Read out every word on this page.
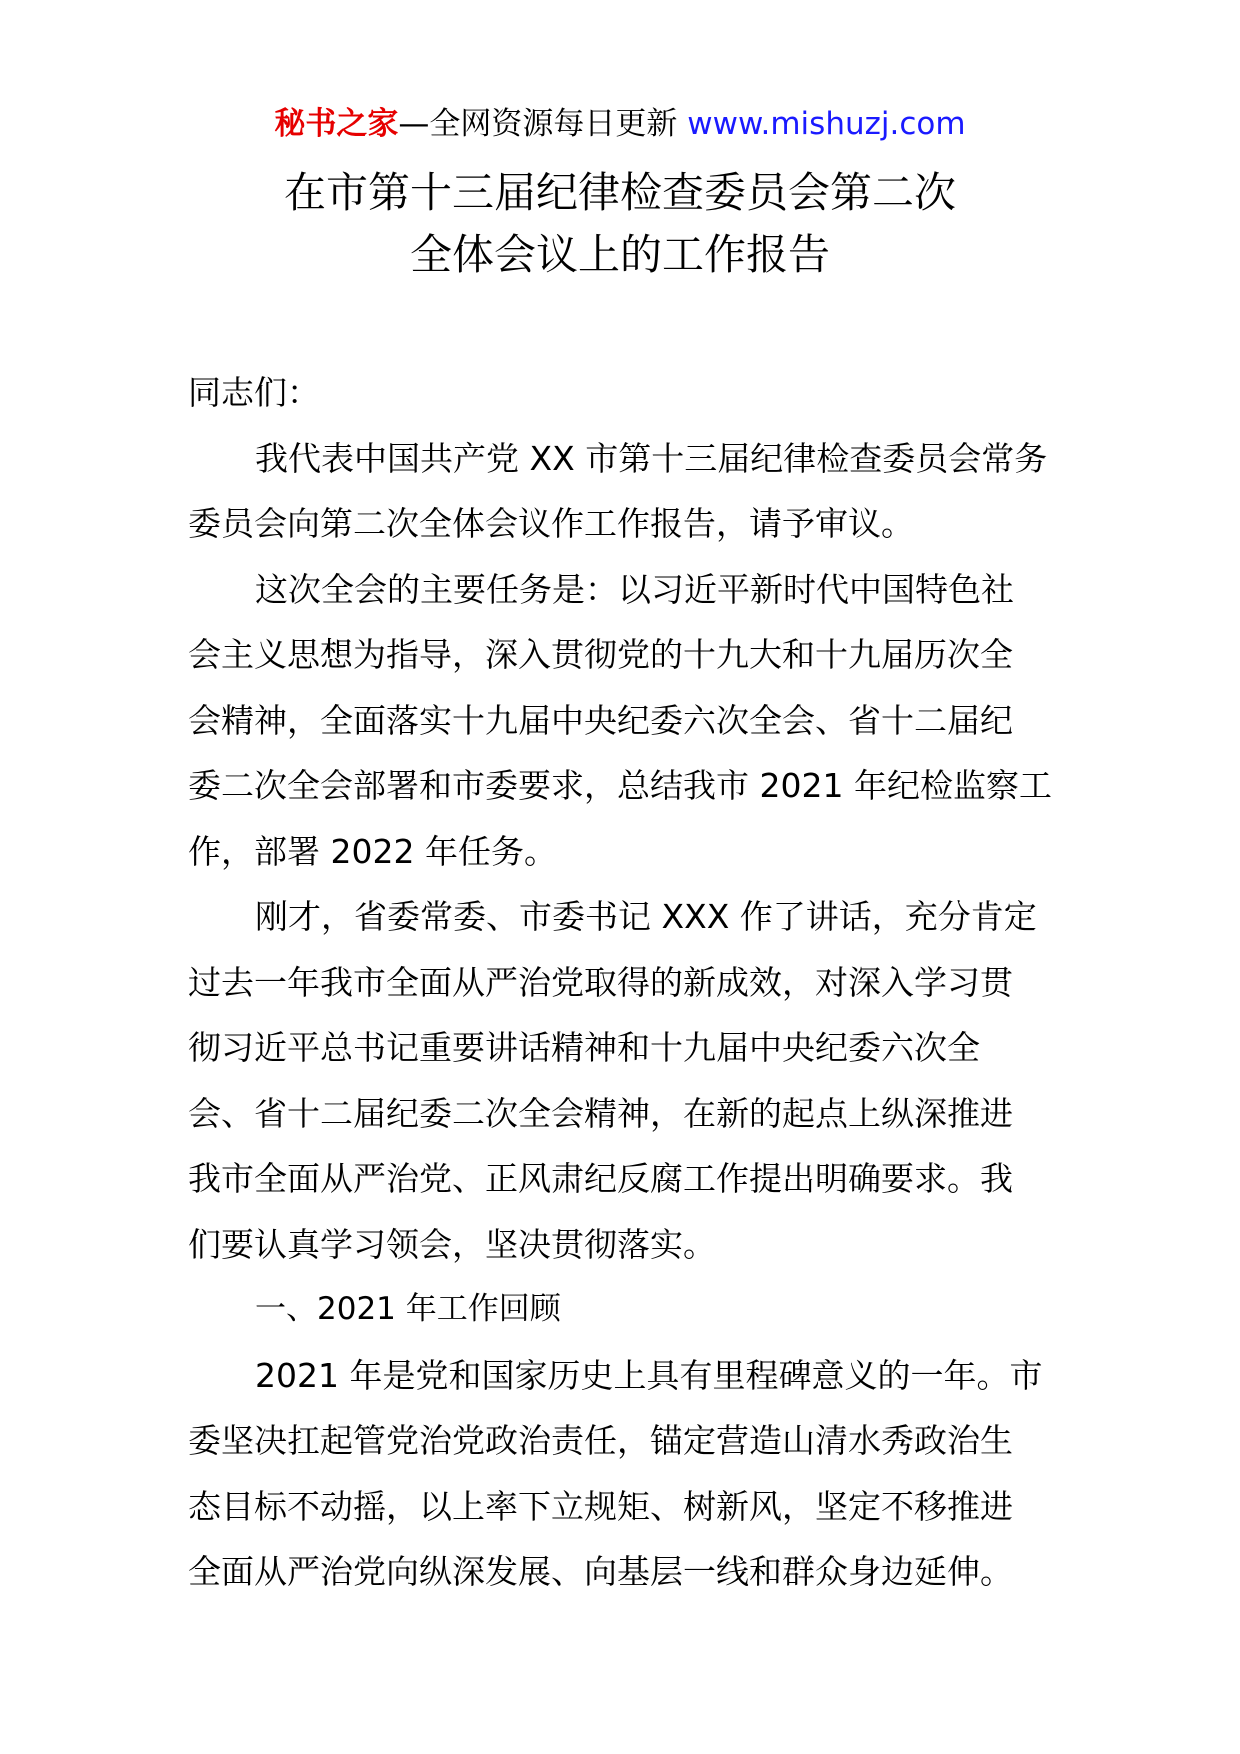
秘书之家—全网资源每日更新 www.mishuzj.com
在市第十三届纪律检查委员会第二次
全体会议上的工作报告
同志们：
我代表中国共产党 XX 市第十三届纪律检查委员会常务
委员会向第二次全体会议作工作报告，请予审议。
这次全会的主要任务是：以习近平新时代中国特色社
会主义思想为指导，深入贯彻党的十九大和十九届历次全
会精神，全面落实十九届中央纪委六次全会、省十二届纪
委二次全会部署和市委要求，总结我市 2021 年纪检监察工
作，部署 2022 年任务。
刚才，省委常委、市委书记 XXX 作了讲话，充分肯定
过去一年我市全面从严治党取得的新成效，对深入学习贯
彻习近平总书记重要讲话精神和十九届中央纪委六次全
会、省十二届纪委二次全会精神，在新的起点上纵深推进
我市全面从严治党、正风肃纪反腐工作提出明确要求。我
们要认真学习领会，坚决贯彻落实。
一、2021 年工作回顾
2021 年是党和国家历史上具有里程碑意义的一年。市
委坚决扛起管党治党政治责任，锚定营造山清水秀政治生
态目标不动摇，以上率下立规矩、树新风，坚定不移推进
全面从严治党向纵深发展、向基层一线和群众身边延伸。
